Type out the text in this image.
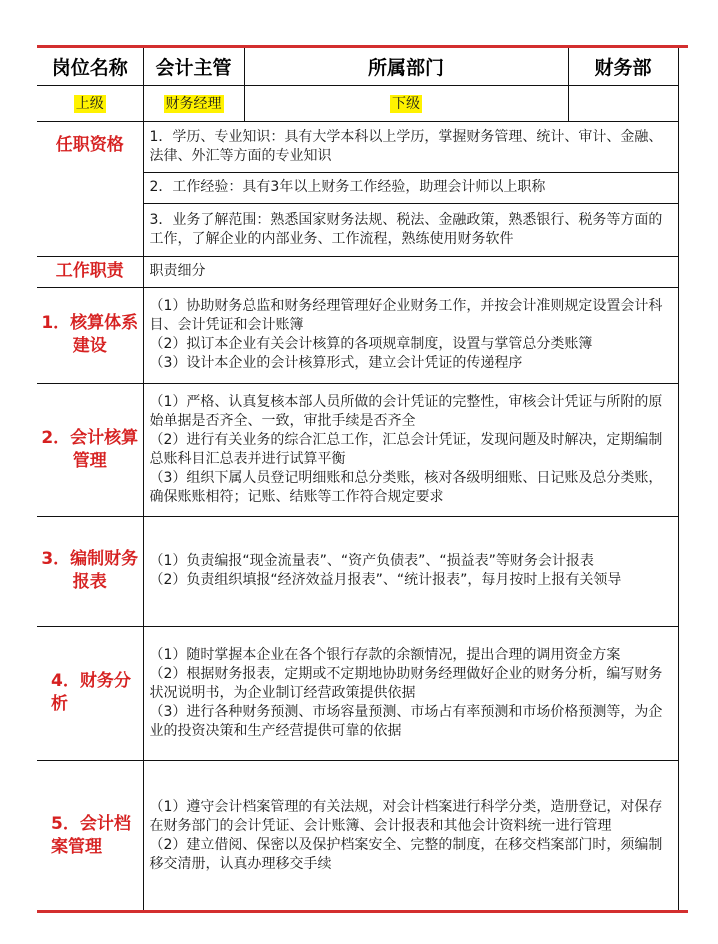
岗位名称	会计主管	所属部门	财务部
上级	财务经理	下级	
任职资格	1．学历、专业知识：具有大学本科以上学历，掌握财务管理、统计、审计、金融、法律、外汇等方面的专业知识		
	2．工作经验：具有3年以上财务工作经验，助理会计师以上职称		
	3．业务了解范围：熟悉国家财务法规、税法、金融政策，熟悉银行、税务等方面的工作，了解企业的内部业务、工作流程，熟练使用财务软件		
工作职责	职责细分		
1．核算体系建设	（1）协助财务总监和财务经理管理好企业财务工作，并按会计准则规定设置会计科目、会计凭证和会计账簿
（2）拟订本企业有关会计核算的各项规章制度，设置与掌管总分类账簿
（3）设计本企业的会计核算形式，建立会计凭证的传递程序		

2．会计核算管理	（1）严格、认真复核本部人员所做的会计凭证的完整性，审核会计凭证与所附的原始单据是否齐全、一致，审批手续是否齐全
（2）进行有关业务的综合汇总工作，汇总会计凭证，发现问题及时解决，定期编制总账科目汇总表并进行试算平衡
（3）组织下属人员登记明细账和总分类账，核对各级明细账、日记账及总分类账，确保账账相符；记账、结账等工作符合规定要求		

3．编制财务报表	（1）负责编报“现金流量表”、“资产负债表”、“损益表”等财务会计报表
（2）负责组织填报“经济效益月报表”、“统计报表”，每月按时上报有关领导		

4．财务分析	（1）随时掌握本企业在各个银行存款的余额情况，提出合理的调用资金方案
（2）根据财务报表，定期或不定期地协助财务经理做好企业的财务分析，编写财务状况说明书，为企业制订经营政策提供依据
（3）进行各种财务预测、市场容量预测、市场占有率预测和市场价格预测等，为企业的投资决策和生产经营提供可靠的依据		

5．会计档案管理	（1）遵守会计档案管理的有关法规，对会计档案进行科学分类，造册登记，对保存在财务部门的会计凭证、会计账簿、会计报表和其他会计资料统一进行管理
（2）建立借阅、保密以及保护档案安全、完整的制度，在移交档案部门时，须编制移交清册，认真办理移交手续		
